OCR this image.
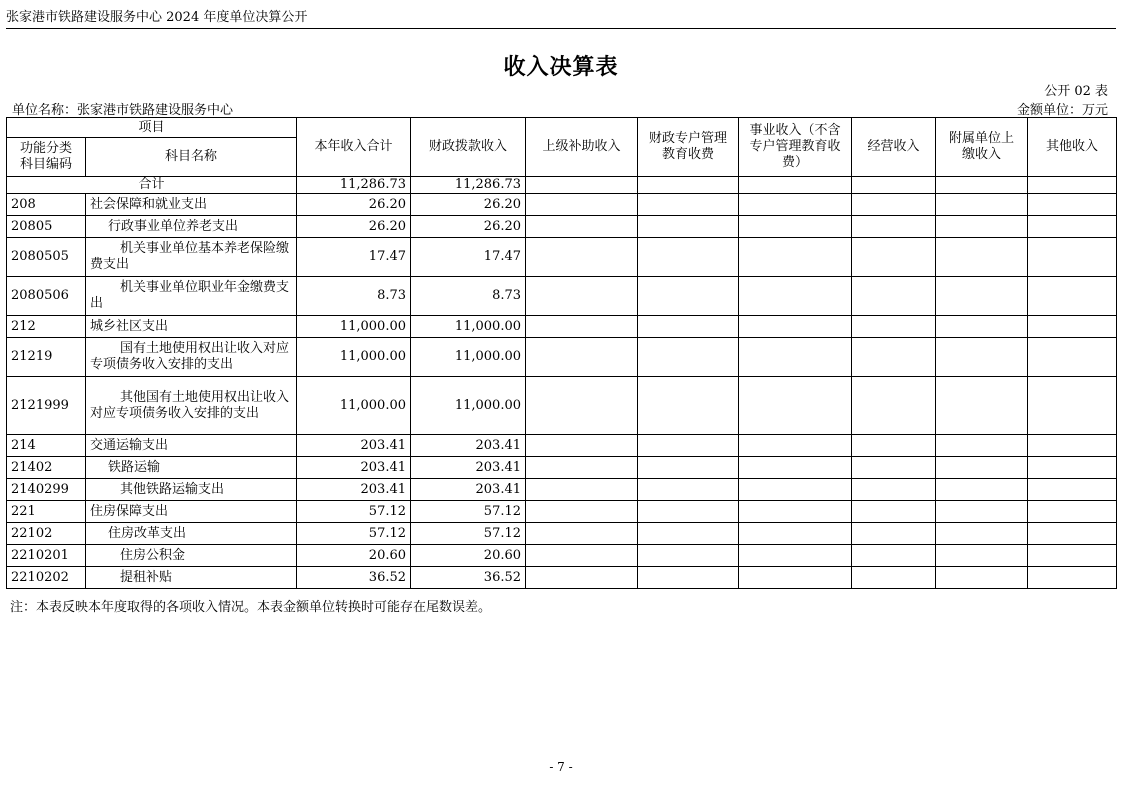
张家港市铁路建设服务中心 2024 年度单位决算公开
收入决算表
公开 02 表
单位名称：张家港市铁路建设服务中心	金额单位：万元
项目		本年收入合计	财政拨款收入	上级补助收入	财政专户管理教育收费	事业收入（不含专户管理教育收费）	经营收入	附属单位上缴收入	其他收入
功能分类科目编码	科目名称								
合计		11,286.73	11,286.73						
208	社会保障和就业支出	26.20	26.20						
20805	行政事业单位养老支出	26.20	26.20						
2080505	机关事业单位基本养老保险缴费支出	17.47	17.47						
2080506	机关事业单位职业年金缴费支出	8.73	8.73						
212	城乡社区支出	11,000.00	11,000.00						
21219	国有土地使用权出让收入对应专项债务收入安排的支出	11,000.00	11,000.00						
2121999	其他国有土地使用权出让收入对应专项债务收入安排的支出	11,000.00	11,000.00						
214	交通运输支出	203.41	203.41						
21402	铁路运输	203.41	203.41						
2140299	其他铁路运输支出	203.41	203.41						
221	住房保障支出	57.12	57.12						
22102	住房改革支出	57.12	57.12						
2210201	住房公积金	20.60	20.60						
2210202	提租补贴	36.52	36.52						
注：本表反映本年度取得的各项收入情况。本表金额单位转换时可能存在尾数误差。
- 7 -
